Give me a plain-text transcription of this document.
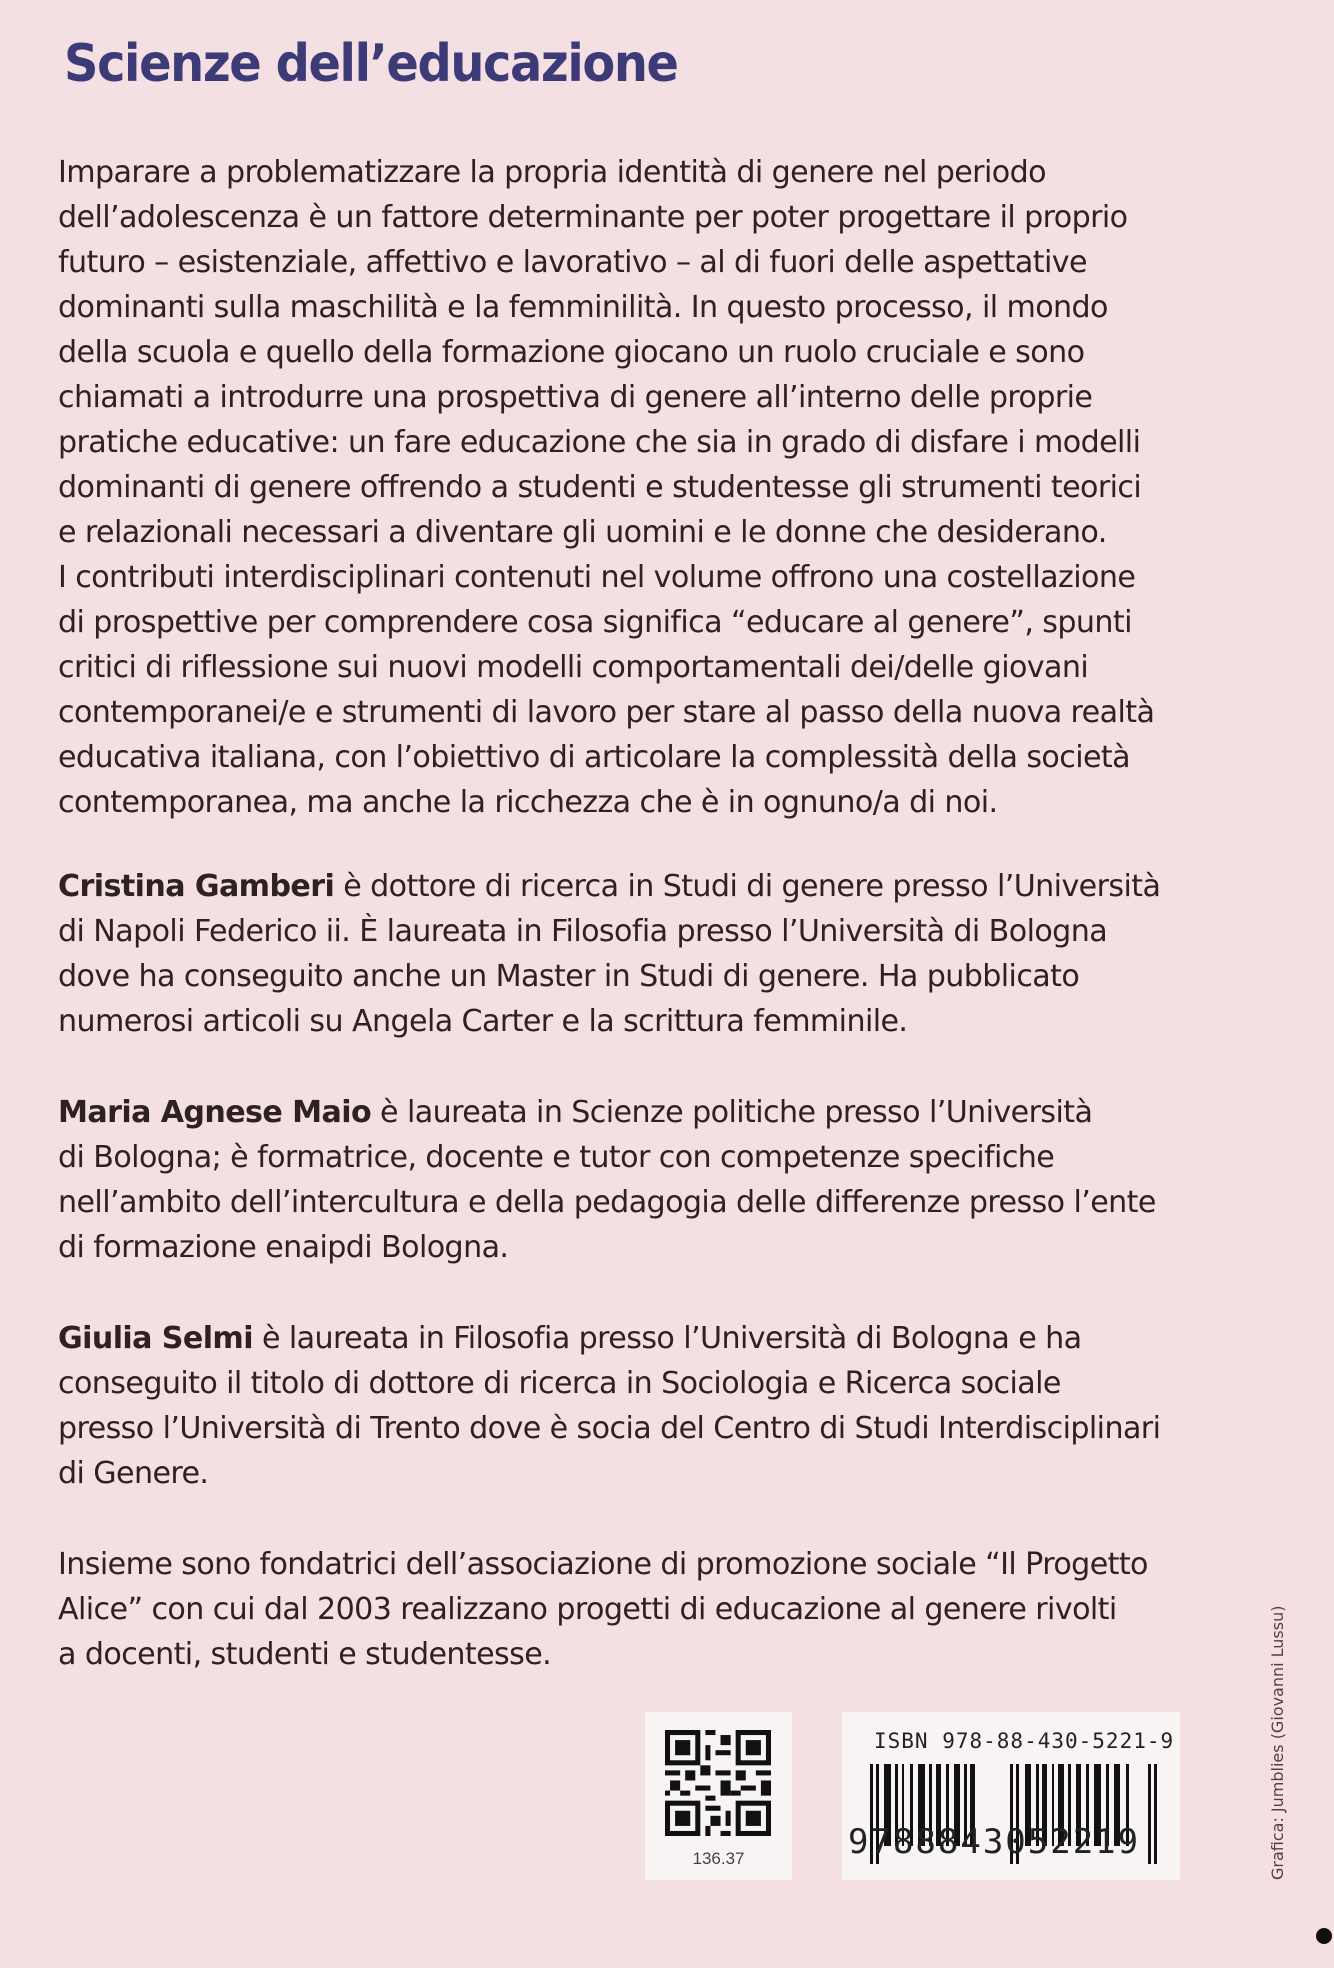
Scienze dell’educazione
Imparare a problematizzare la propria identità di genere nel periodo
dell’adolescenza è un fattore determinante per poter progettare il proprio
futuro – esistenziale, affettivo e lavorativo – al di fuori delle aspettative
dominanti sulla maschilità e la femminilità. In questo processo, il mondo
della scuola e quello della formazione giocano un ruolo cruciale e sono
chiamati a introdurre una prospettiva di genere all’interno delle proprie
pratiche educative: un fare educazione che sia in grado di disfare i modelli
dominanti di genere offrendo a studenti e studentesse gli strumenti teorici
e relazionali necessari a diventare gli uomini e le donne che desiderano.
I contributi interdisciplinari contenuti nel volume offrono una costellazione
di prospettive per comprendere cosa significa “educare al genere”, spunti
critici di riflessione sui nuovi modelli comportamentali dei/delle giovani
contemporanei/e e strumenti di lavoro per stare al passo della nuova realtà
educativa italiana, con l’obiettivo di articolare la complessità della società
contemporanea, ma anche la ricchezza che è in ognuno/a di noi.
Cristina Gamberi è dottore di ricerca in Studi di genere presso l’Università
di Napoli Federico ii. È laureata in Filosofia presso l’Università di Bologna
dove ha conseguito anche un Master in Studi di genere. Ha pubblicato
numerosi articoli su Angela Carter e la scrittura femminile.
Maria Agnese Maio è laureata in Scienze politiche presso l’Università
di Bologna; è formatrice, docente e tutor con competenze specifiche
nell’ambito dell’intercultura e della pedagogia delle differenze presso l’ente
di formazione enaipdi Bologna.
Giulia Selmi è laureata in Filosofia presso l’Università di Bologna e ha
conseguito il titolo di dottore di ricerca in Sociologia e Ricerca sociale
presso l’Università di Trento dove è socia del Centro di Studi Interdisciplinari
di Genere.
Insieme sono fondatrici dell’associazione di promozione sociale “Il Progetto
Alice” con cui dal 2003 realizzano progetti di educazione al genere rivolti
a docenti, studenti e studentesse.
136.37
ISBN 978-88-430-5221-9
9788843052219	Grafica: Jumblies (Giovanni Lussu)
